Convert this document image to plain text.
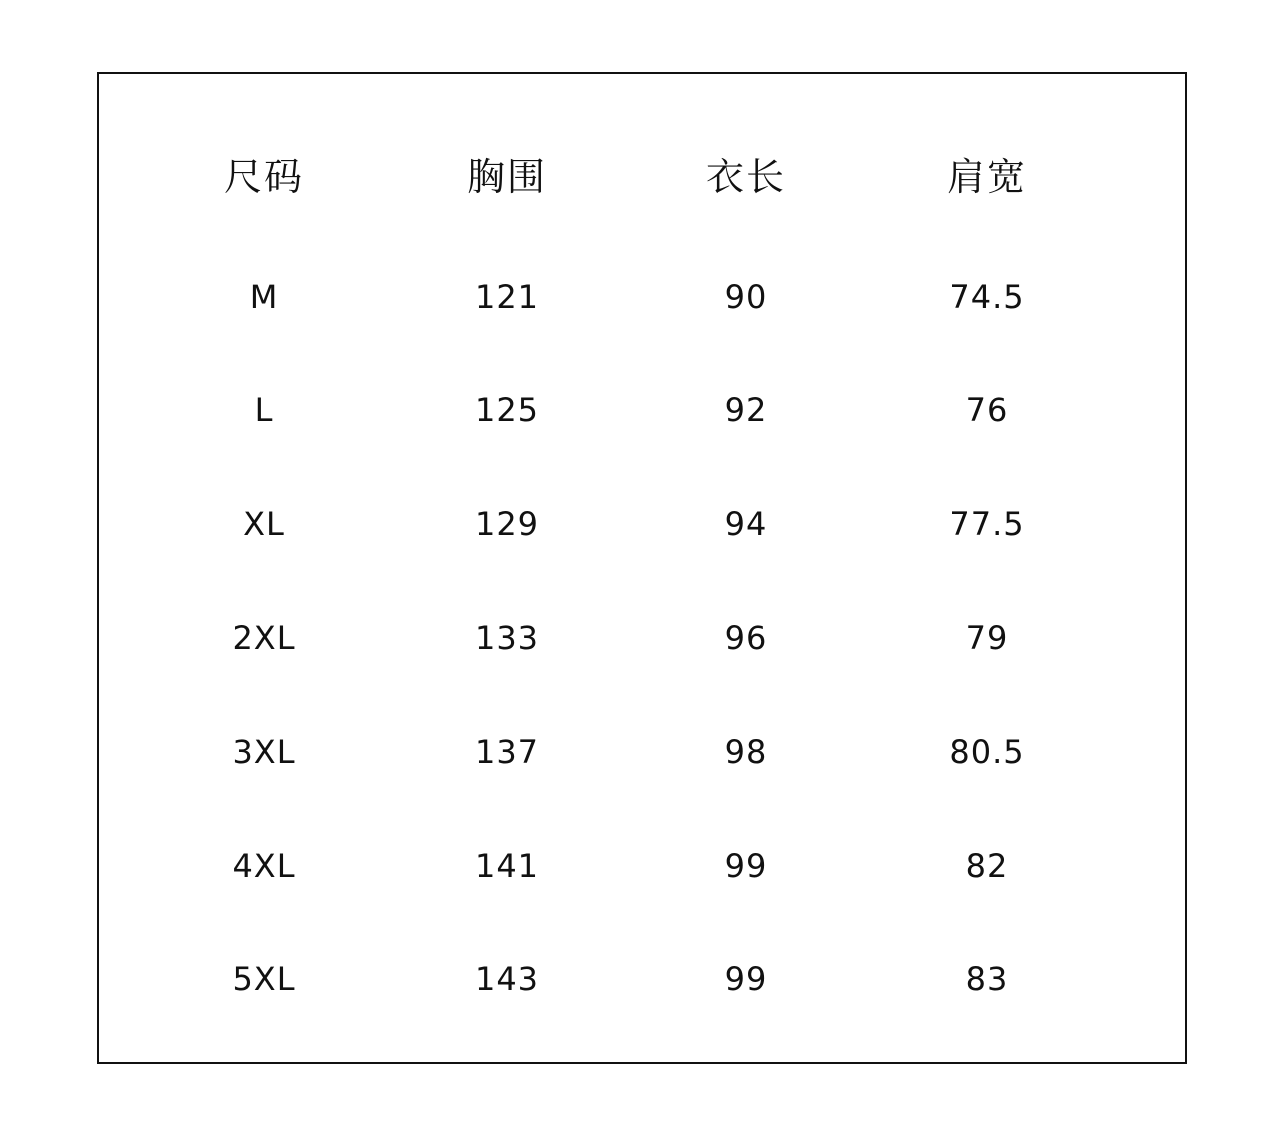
尺码	胸围	衣长	肩宽
M	121	90	74.5
L	125	92	76
XL	129	94	77.5
2XL	133	96	79
3XL	137	98	80.5
4XL	141	99	82
5XL	143	99	83
